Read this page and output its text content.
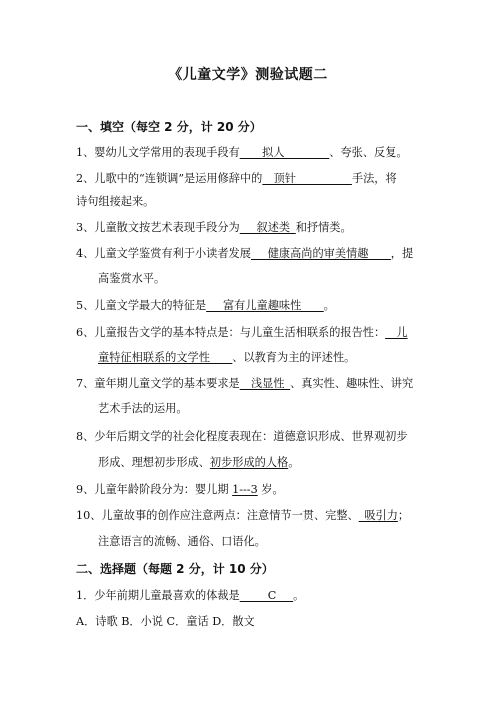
《儿童文学》测验试题二
一、填空（每空 2 分，计 20 分）
1、婴幼儿文学常用的表现手段有____拟人________、夸张、反复。
2、儿歌中的“连锁调”是运用修辞中的__顶针__________手法，将
诗句组接起来。
3、儿童散文按艺术表现手段分为___叙述类_和抒情类。
4、儿童文学鉴赏有利于小读者发展___健康高尚的审美情趣____，提
高鉴赏水平。
5、儿童文学最大的特征是___富有儿童趣味性____。
6、儿童报告文学的基本特点是：与儿童生活相联系的报告性：__儿
童特征相联系的文学性____、以教育为主的评述性。
7、童年期儿童文学的基本要求是__浅显性_、真实性、趣味性、讲究
艺术手法的运用。
8、少年后期文学的社会化程度表现在：道德意识形成、世界观初步
形成、理想初步形成、初步形成的人格。
9、儿童年龄阶段分为：婴儿期 1---3 岁。
10、儿童故事的创作应注意两点：注意情节一贯、完整、_吸引力；
注意语言的流畅、通俗、口语化。
二、选择题（每题 2 分，计 10 分）
1．少年前期儿童最喜欢的体裁是_____C___。
A．诗歌 B．小说 C．童话 D．散文
